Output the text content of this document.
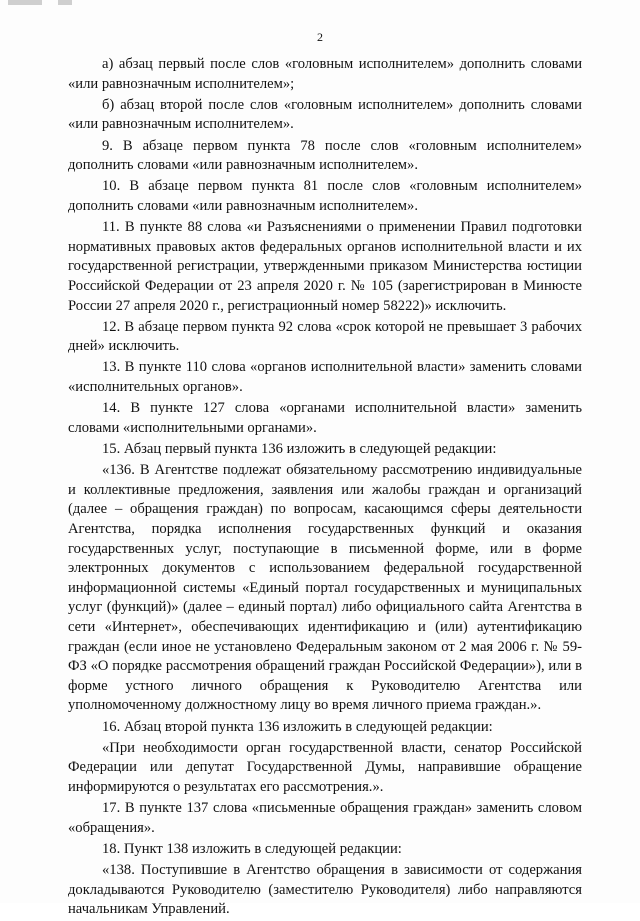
2

а) абзац первый после слов «головным исполнителем» дополнить словами «или равнозначным исполнителем»;

б) абзац второй после слов «головным исполнителем» дополнить словами «или равнозначным исполнителем».

9. В абзаце первом пункта 78 после слов «головным исполнителем» дополнить словами «или равнозначным исполнителем».

10. В абзаце первом пункта 81 после слов «головным исполнителем» дополнить словами «или равнозначным исполнителем».

11. В пункте 88 слова «и Разъяснениями о применении Правил подготовки нормативных правовых актов федеральных органов исполнительной власти и их государственной регистрации, утвержденными приказом Министерства юстиции Российской Федерации от 23 апреля 2020 г. № 105 (зарегистрирован в Минюсте России 27 апреля 2020 г., регистрационный номер 58222)» исключить.

12. В абзаце первом пункта 92 слова «срок которой не превышает 3 рабочих дней» исключить.

13. В пункте 110 слова «органов исполнительной власти» заменить словами «исполнительных органов».

14. В пункте 127 слова «органами исполнительной власти» заменить словами «исполнительными органами».

15. Абзац первый пункта 136 изложить в следующей редакции:

«136. В Агентстве подлежат обязательному рассмотрению индивидуальные и коллективные предложения, заявления или жалобы граждан и организаций (далее – обращения граждан) по вопросам, касающимся сферы деятельности Агентства, порядка исполнения государственных функций и оказания государственных услуг, поступающие в письменной форме, или в форме электронных документов с использованием федеральной государственной информационной системы «Единый портал государственных и муниципальных услуг (функций)» (далее – единый портал) либо официального сайта Агентства в сети «Интернет», обеспечивающих идентификацию и (или) аутентификацию граждан (если иное не установлено Федеральным законом от 2 мая 2006 г. № 59-ФЗ «О порядке рассмотрения обращений граждан Российской Федерации»), или в форме устного личного обращения к Руководителю Агентства или уполномоченному должностному лицу во время личного приема граждан.».

16. Абзац второй пункта 136 изложить в следующей редакции:

«При необходимости орган государственной власти, сенатор Российской Федерации или депутат Государственной Думы, направившие обращение информируются о результатах его рассмотрения.».

17. В пункте 137 слова «письменные обращения граждан» заменить словом «обращения».

18. Пункт 138 изложить в следующей редакции:

«138. Поступившие в Агентство обращения в зависимости от содержания докладываются Руководителю (заместителю Руководителя) либо направляются начальникам Управлений.
